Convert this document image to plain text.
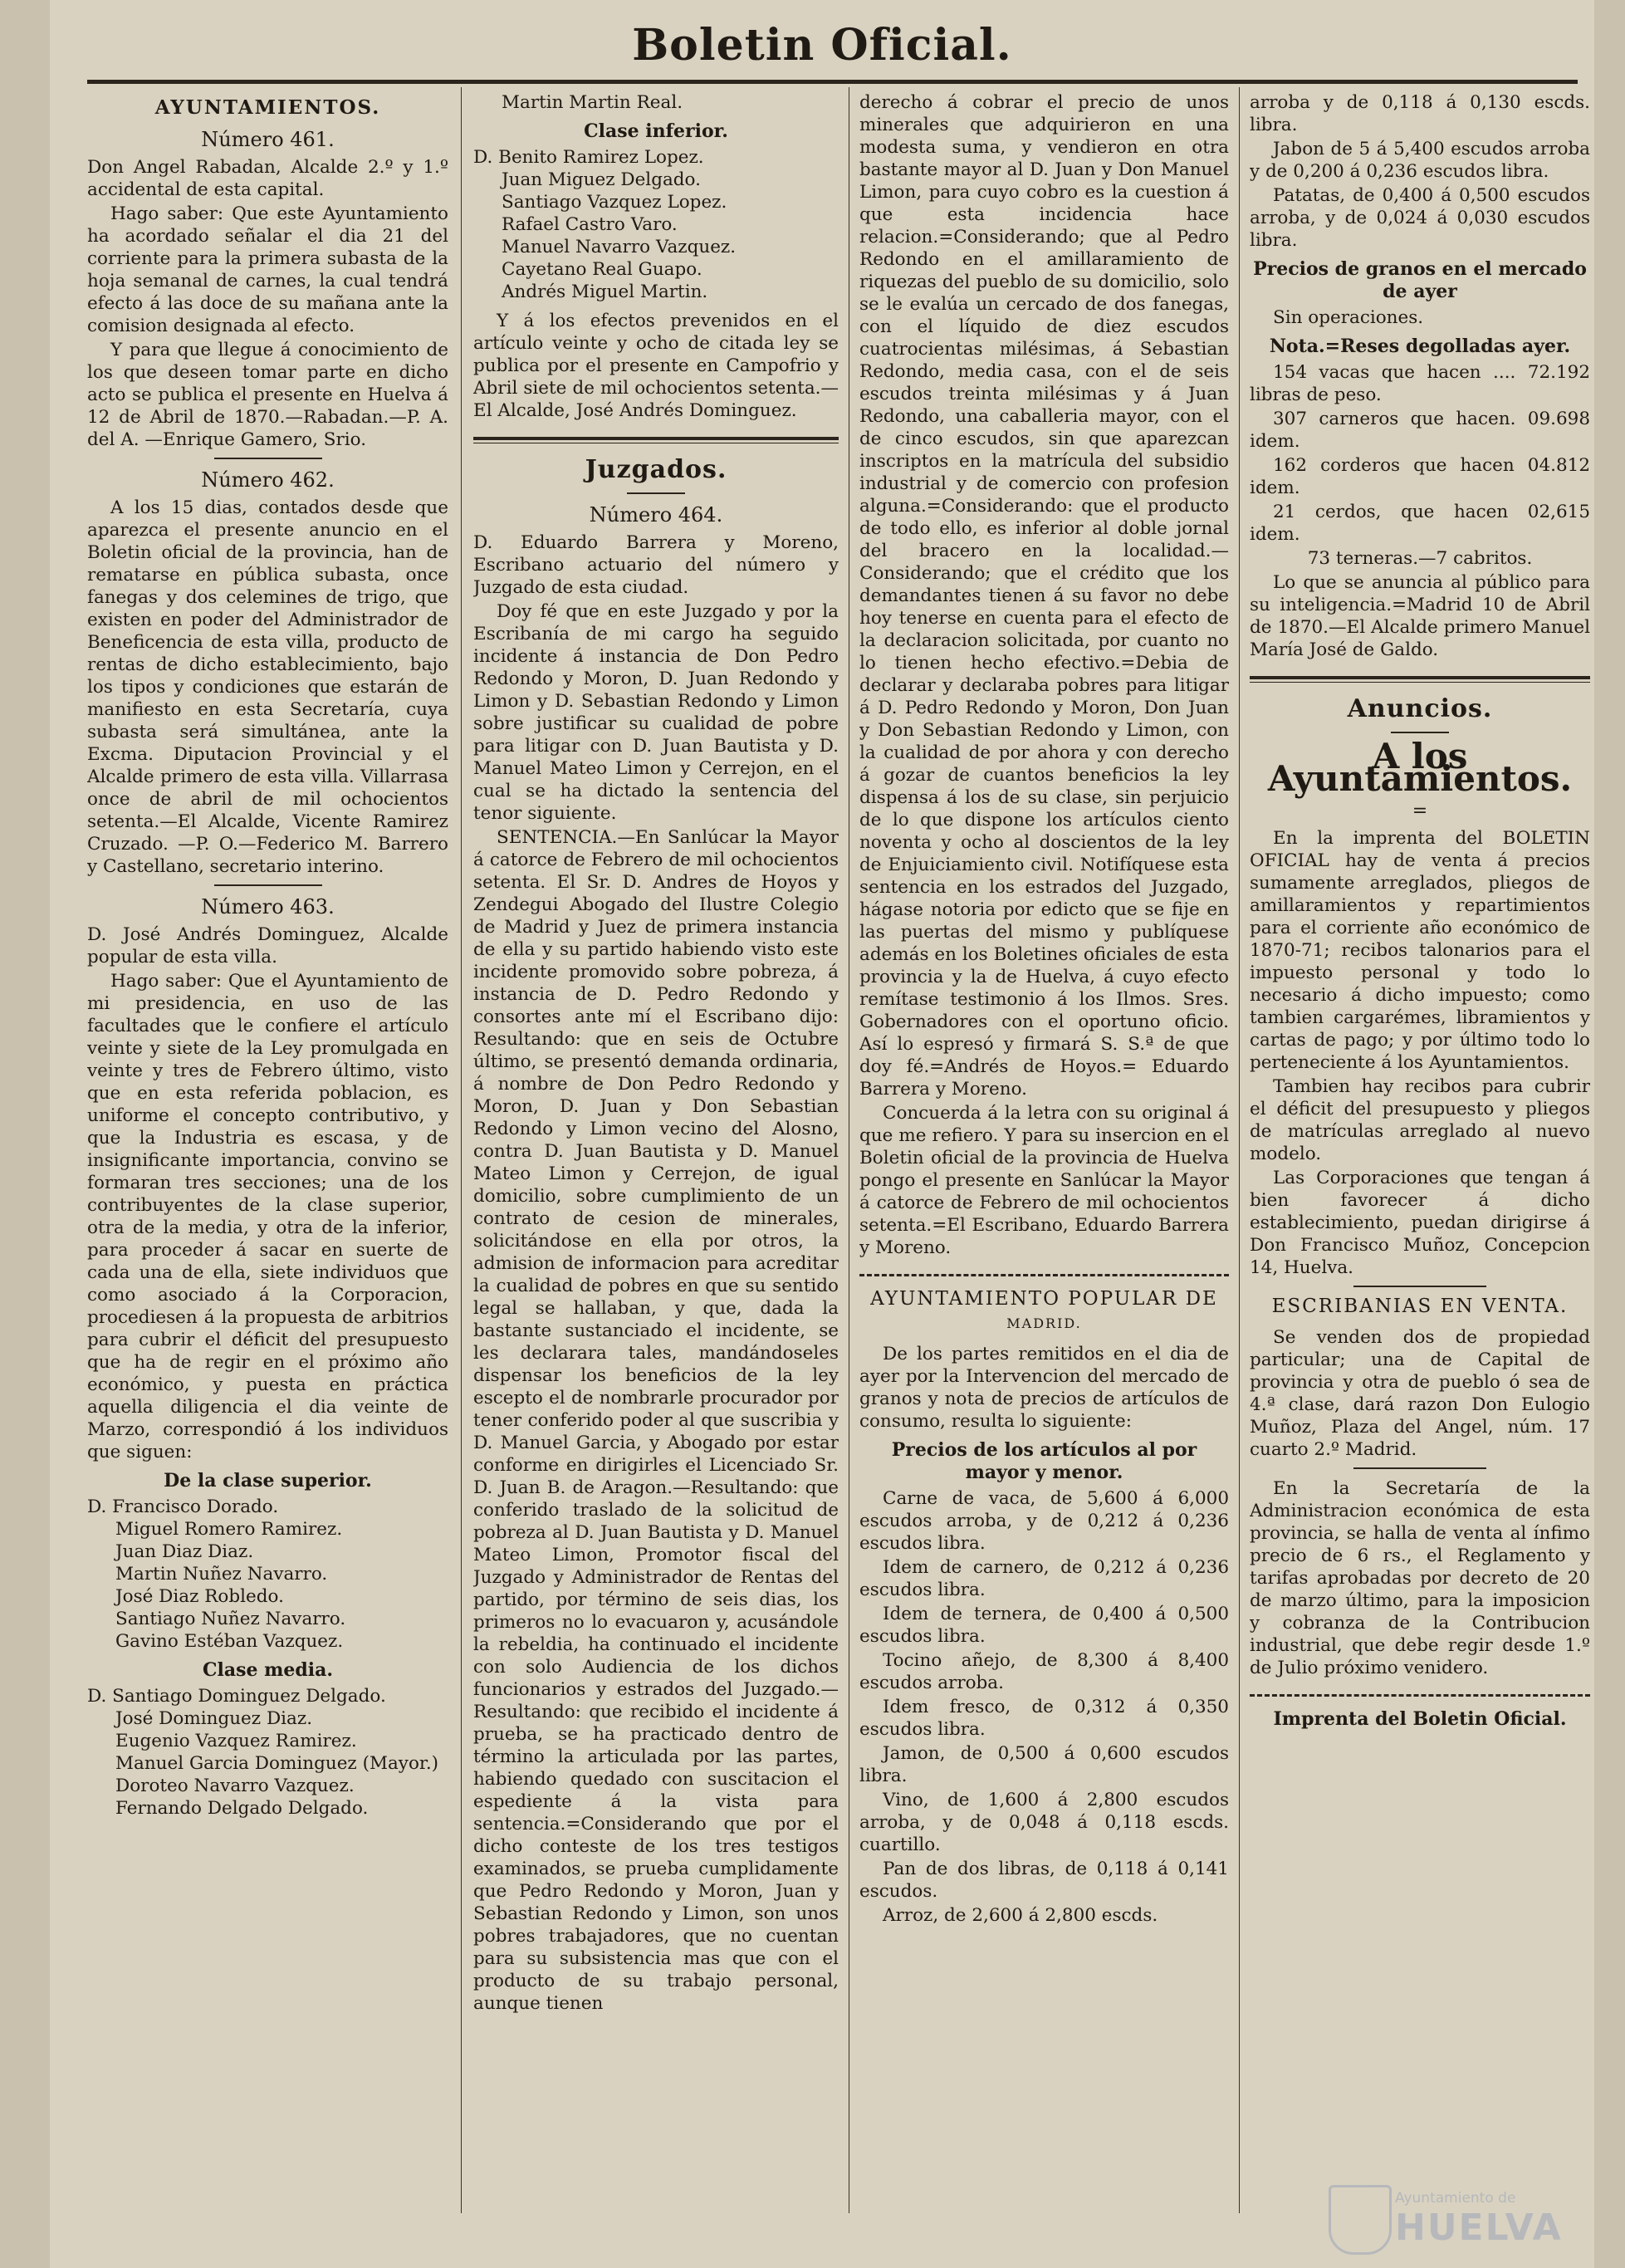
Boletin Oficial.
AYUNTAMIENTOS.
Número 461.

Don Angel Rabadan, Alcalde 2.º y 1.º accidental de esta capital.

Hago saber: Que este Ayuntamiento ha acordado señalar el dia 21 del corriente para la primera subasta de la hoja semanal de carnes, la cual tendrá efecto á las doce de su mañana ante la comision designada al efecto.

Y para que llegue á conocimiento de los que deseen tomar parte en dicho acto se publica el presente en Huelva á 12 de Abril de 1870.—Rabadan.—P. A. del A. —Enrique Gamero, Srio.

Número 462.

A los 15 dias, contados desde que aparezca el presente anuncio en el Boletin oficial de la provincia, han de rematarse en pública subasta, once fanegas y dos celemines de trigo, que existen en poder del Administrador de Beneficencia de esta villa, producto de rentas de dicho establecimiento, bajo los tipos y condiciones que estarán de manifiesto en esta Secretaría, cuya subasta será simultánea, ante la Excma. Diputacion Provincial y el Alcalde primero de esta villa. Villarrasa once de abril de mil ochocientos setenta.—El Alcalde, Vicente Ramirez Cruzado. —P. O.—Federico M. Barrero y Castellano, secretario interino.

Número 463.

D. José Andrés Dominguez, Alcalde popular de esta villa.

Hago saber: Que el Ayuntamiento de mi presidencia, en uso de las facultades que le confiere el artículo veinte y siete de la Ley promulgada en veinte y tres de Febrero último, visto que en esta referida poblacion, es uniforme el concepto contributivo, y que la Industria es escasa, y de insignificante importancia, convino se formaran tres secciones; una de los contribuyentes de la clase superior, otra de la media, y otra de la inferior, para proceder á sacar en suerte de cada una de ella, siete individuos que como asociado á la Corporacion, procediesen á la propuesta de arbitrios para cubrir el déficit del presupuesto que ha de regir en el próximo año económico, y puesta en práctica aquella diligencia el dia veinte de Marzo, correspondió á los individuos que siguen:

De la clase superior.

D. Francisco Dorado.

Miguel Romero Ramirez.

Juan Diaz Diaz.

Martin Nuñez Navarro.

José Diaz Robledo.

Santiago Nuñez Navarro.

Gavino Estéban Vazquez.

Clase media.

D. Santiago Dominguez Delgado.

José Dominguez Diaz.

Eugenio Vazquez Ramirez.

Manuel Garcia Dominguez (Mayor.)

Doroteo Navarro Vazquez.

Fernando Delgado Delgado.

Martin Martin Real.

Clase inferior.

D. Benito Ramirez Lopez.

Juan Miguez Delgado.

Santiago Vazquez Lopez.

Rafael Castro Varo.

Manuel Navarro Vazquez.

Cayetano Real Guapo.

Andrés Miguel Martin.

Y á los efectos prevenidos en el artículo veinte y ocho de citada ley se publica por el presente en Campofrio y Abril siete de mil ochocientos setenta.—El Alcalde, José Andrés Dominguez.

Juzgados.
Número 464.

D. Eduardo Barrera y Moreno, Escribano actuario del número y Juzgado de esta ciudad.

Doy fé que en este Juzgado y por la Escribanía de mi cargo ha seguido incidente á instancia de Don Pedro Redondo y Moron, D. Juan Redondo y Limon y D. Sebastian Redondo y Limon sobre justificar su cualidad de pobre para litigar con D. Juan Bautista y D. Manuel Mateo Limon y Cerrejon, en el cual se ha dictado la sentencia del tenor siguiente.

SENTENCIA.—En Sanlúcar la Mayor á catorce de Febrero de mil ochocientos setenta. El Sr. D. Andres de Hoyos y Zendegui Abogado del Ilustre Colegio de Madrid y Juez de primera instancia de ella y su partido habiendo visto este incidente promovido sobre pobreza, á instancia de D. Pedro Redondo y consortes ante mí el Escribano dijo: Resultando: que en seis de Octubre último, se presentó demanda ordinaria, á nombre de Don Pedro Redondo y Moron, D. Juan y Don Sebastian Redondo y Limon vecino del Alosno, contra D. Juan Bautista y D. Manuel Mateo Limon y Cerrejon, de igual domicilio, sobre cumplimiento de un contrato de cesion de minerales, solicitándose en ella por otros, la admision de informacion para acreditar la cualidad de pobres en que su sentido legal se hallaban, y que, dada la bastante sustanciado el incidente, se les declarara tales, mandándoseles dispensar los beneficios de la ley escepto el de nombrarle procurador por tener conferido poder al que suscribia y D. Manuel Garcia, y Abogado por estar conforme en dirigirles el Licenciado Sr. D. Juan B. de Aragon.—Resultando: que conferido traslado de la solicitud de pobreza al D. Juan Bautista y D. Manuel Mateo Limon, Promotor fiscal del Juzgado y Administrador de Rentas del partido, por término de seis dias, los primeros no lo evacuaron y, acusándole la rebeldia, ha continuado el incidente con solo Audiencia de los dichos funcionarios y estrados del Juzgado.—Resultando: que recibido el incidente á prueba, se ha practicado dentro de término la articulada por las partes, habiendo quedado con suscitacion el espediente á la vista para sentencia.=Considerando que por el dicho conteste de los tres testigos examinados, se prueba cumplidamente que Pedro Redondo y Moron, Juan y Sebastian Redondo y Limon, son unos pobres trabajadores, que no cuentan para su subsistencia mas que con el producto de su trabajo personal, aunque tienen

derecho á cobrar el precio de unos minerales que adquirieron en una modesta suma, y vendieron en otra bastante mayor al D. Juan y Don Manuel Limon, para cuyo cobro es la cuestion á que esta incidencia hace relacion.=Considerando; que al Pedro Redondo en el amillaramiento de riquezas del pueblo de su domicilio, solo se le evalúa un cercado de dos fanegas, con el líquido de diez escudos cuatrocientas milésimas, á Sebastian Redondo, media casa, con el de seis escudos treinta milésimas y á Juan Redondo, una caballeria mayor, con el de cinco escudos, sin que aparezcan inscriptos en la matrícula del subsidio industrial y de comercio con profesion alguna.=Considerando: que el producto de todo ello, es inferior al doble jornal del bracero en la localidad.—Considerando; que el crédito que los demandantes tienen á su favor no debe hoy tenerse en cuenta para el efecto de la declaracion solicitada, por cuanto no lo tienen hecho efectivo.=Debia de declarar y declaraba pobres para litigar á D. Pedro Redondo y Moron, Don Juan y Don Sebastian Redondo y Limon, con la cualidad de por ahora y con derecho á gozar de cuantos beneficios la ley dispensa á los de su clase, sin perjuicio de lo que dispone los artículos ciento noventa y ocho al doscientos de la ley de Enjuiciamiento civil. Notifíquese esta sentencia en los estrados del Juzgado, hágase notoria por edicto que se fije en las puertas del mismo y publíquese además en los Boletines oficiales de esta provincia y la de Huelva, á cuyo efecto remítase testimonio á los Ilmos. Sres. Gobernadores con el oportuno oficio. Así lo espresó y firmará S. S.ª de que doy fé.=Andrés de Hoyos.= Eduardo Barrera y Moreno.

Concuerda á la letra con su original á que me refiero. Y para su insercion en el Boletin oficial de la provincia de Huelva pongo el presente en Sanlúcar la Mayor á catorce de Febrero de mil ochocientos setenta.=El Escribano, Eduardo Barrera y Moreno.

AYUNTAMIENTO POPULAR DE
MADRID.

De los partes remitidos en el dia de ayer por la Intervencion del mercado de granos y nota de precios de artículos de consumo, resulta lo siguiente:

Precios de los artículos al por mayor y menor.

Carne de vaca, de 5,600 á 6,000 escudos arroba, y de 0,212 á 0,236 escudos libra.

Idem de carnero, de 0,212 á 0,236 escudos libra.

Idem de ternera, de 0,400 á 0,500 escudos libra.

Tocino añejo, de 8,300 á 8,400 escudos arroba.

Idem fresco, de 0,312 á 0,350 escudos libra.

Jamon, de 0,500 á 0,600 escudos libra.

Vino, de 1,600 á 2,800 escudos arroba, y de 0,048 á 0,118 escds. cuartillo.

Pan de dos libras, de 0,118 á 0,141 escudos.

Arroz, de 2,600 á 2,800 escds.

arroba y de 0,118 á 0,130 escds. libra.

Jabon de 5 á 5,400 escudos arroba y de 0,200 á 0,236 escudos libra.

Patatas, de 0,400 á 0,500 escudos arroba, y de 0,024 á 0,030 escudos libra.

Precios de granos en el mercado de ayer

Sin operaciones.

Nota.=Reses degolladas ayer.

154 vacas que hacen .... 72.192 libras de peso.

307 carneros que hacen. 09.698 idem.

162 corderos que hacen 04.812 idem.

21 cerdos, que hacen 02,615 idem.

73 terneras.—7 cabritos.

Lo que se anuncia al público para su inteligencia.=Madrid 10 de Abril de 1870.—El Alcalde primero Manuel María José de Galdo.

Anuncios.
A los Ayuntamientos.
=

En la imprenta del BOLETIN OFICIAL hay de venta á precios sumamente arreglados, pliegos de amillaramientos y repartimientos para el corriente año económico de 1870-71; recibos talonarios para el impuesto personal y todo lo necesario á dicho impuesto; como tambien cargarémes, libramientos y cartas de pago; y por último todo lo perteneciente á los Ayuntamientos.

Tambien hay recibos para cubrir el déficit del presupuesto y pliegos de matrículas arreglado al nuevo modelo.

Las Corporaciones que tengan á bien favorecer á dicho establecimiento, puedan dirigirse á Don Francisco Muñoz, Concepcion 14, Huelva.

ESCRIBANIAS EN VENTA.

Se venden dos de propiedad particular; una de Capital de provincia y otra de pueblo ó sea de 4.ª clase, dará razon Don Eulogio Muñoz, Plaza del Angel, núm. 17 cuarto 2.º Madrid.

En la Secretaría de la Administracion económica de esta provincia, se halla de venta al ínfimo precio de 6 rs., el Reglamento y tarifas aprobadas por decreto de 20 de marzo último, para la imposicion y cobranza de la Contribucion industrial, que debe regir desde 1.º de Julio próximo venidero.

Imprenta del Boletin Oficial.
Ayuntamiento de
HUELVA
